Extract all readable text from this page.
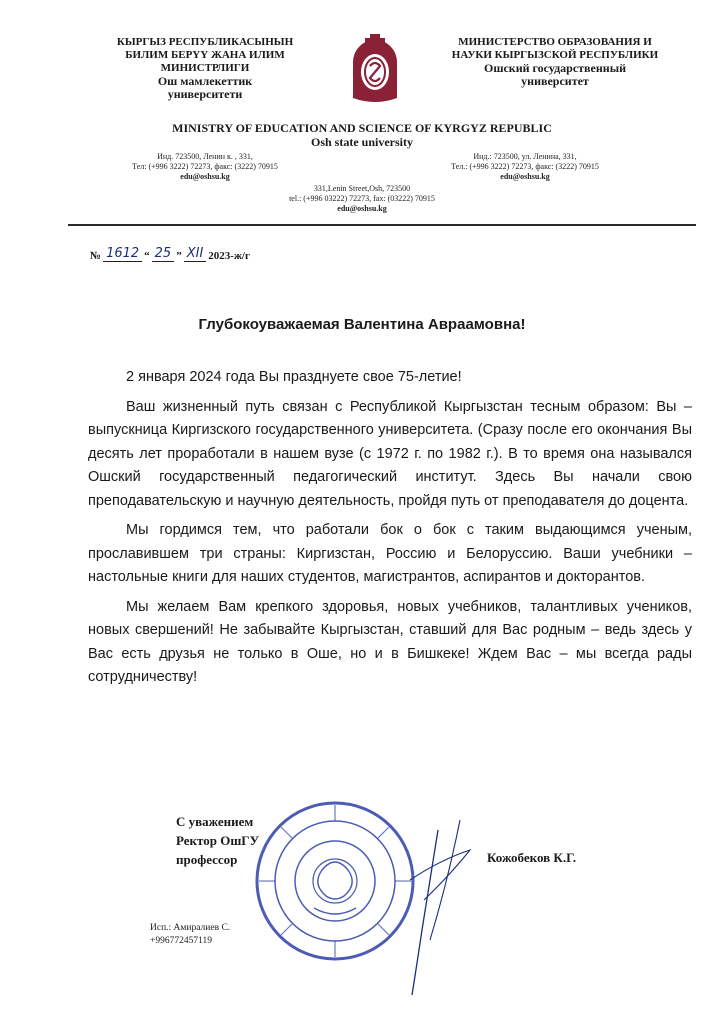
КЫРГЫЗ РЕСПУБЛИКАСЫНЫН
БИЛИМ БЕРҮҮ ЖАНА ИЛИМ
МИНИСТРЛИГИ
Ош мамлекеттик
университети
МИНИСТЕРСТВО ОБРАЗОВАНИЯ И
НАУКИ КЫРГЫЗСКОЙ РЕСПУБЛИКИ
Ошский государственный
университет
MINISTRY OF EDUCATION AND SCIENCE OF KYRGYZ REPUBLIC
Osh state university
Инд. 723500, Ленин к. , 331,
Тел: (+996 3222) 72273, факс: (3222) 70915
edu@oshsu.kg
Инд.: 723500, ул. Ленина, 331,
Тел.: (+996 3222) 72273, факс: (3222) 70915
edu@oshsu.kg
331,Lenin Street,Osh, 723500
tel.: (+996 03222) 72273, fax: (03222) 70915
edu@oshsu.kg
№ 1612 “ 25 ” XII 2023-ж/г
Глубокоуважаемая Валентина Авраамовна!

2 января 2024 года Вы празднуете свое 75-летие!

Ваш жизненный путь связан с Республикой Кыргызстан тесным образом: Вы – выпускница Киргизского государственного университета. (Сразу после его окончания Вы десять лет проработали в нашем вузе (с 1972 г. по 1982 г.). В то время она назывался Ошский государственный педагогический институт. Здесь Вы начали свою преподавательскую и научную деятельность, пройдя путь от преподавателя до доцента.

Мы гордимся тем, что работали бок о бок с таким выдающимся ученым, прославившем три страны: Киргизстан, Россию и Белоруссию. Ваши учебники – настольные книги для наших студентов, магистрантов, аспирантов и докторантов.

Мы желаем Вам крепкого здоровья, новых учебников, талантливых учеников, новых свершений! Не забывайте Кыргызстан, ставший для Вас родным – ведь здесь у Вас есть друзья не только в Оше, но и в Бишкеке! Ждем Вас – мы всегда рады сотрудничеству!

С уважением
Ректор ОшГУ
профессор	Кожобеков К.Г.
Исп.: Амиралиев С.
+996772457119
